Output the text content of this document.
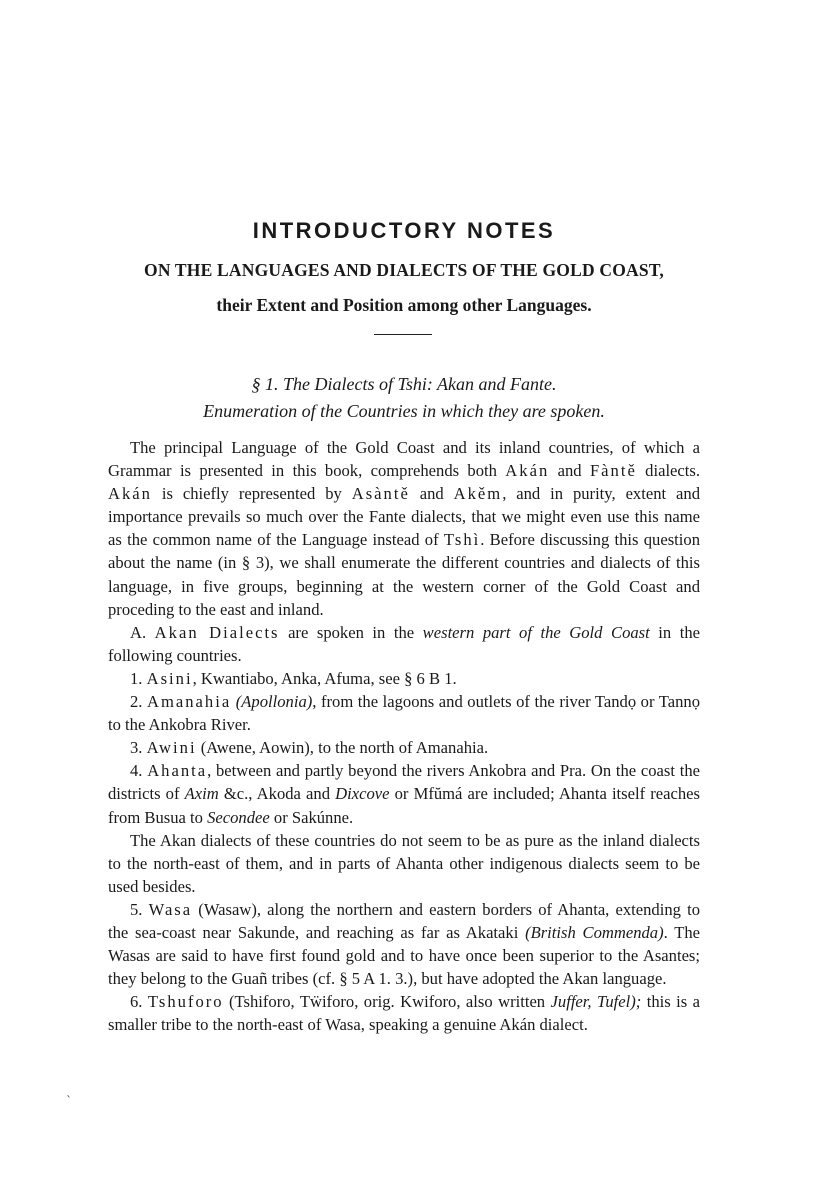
INTRODUCTORY NOTES
ON THE LANGUAGES AND DIALECTS OF THE GOLD COAST,
their Extent and Position among other Languages.
§ 1. The Dialects of Tshi: Akan and Fante.
Enumeration of the Countries in which they are spoken.

The principal Language of the Gold Coast and its inland countries, of which a Grammar is presented in this book, comprehends both Akán and Fàntě dialects. Akán is chiefly represented by Asàntě and Akěm, and in purity, extent and importance prevails so much over the Fante dialects, that we might even use this name as the common name of the Language instead of Tshì. Before discussing this question about the name (in § 3), we shall enumerate the different countries and dialects of this language, in five groups, beginning at the western corner of the Gold Coast and proceding to the east and inland.

A. Akan Dialects are spoken in the western part of the Gold Coast in the following countries.

1. Asini, Kwantiabo, Anka, Afuma, see § 6 B 1.

2. Amanahia (Apollonia), from the lagoons and outlets of the river Tandọ or Tannọ to the Ankobra River.

3. Awini (Awene, Aowin), to the north of Amanahia.

4. Ahanta, between and partly beyond the rivers Ankobra and Pra. On the coast the districts of Axim &c., Akoda and Dixcove or Mfŭmá are included; Ahanta itself reaches from Busua to Secondee or Sakúnne.

The Akan dialects of these countries do not seem to be as pure as the inland dialects to the north-east of them, and in parts of Ahanta other indigenous dialects seem to be used besides.

5. Wasa (Wasaw), along the northern and eastern borders of Ahanta, extending to the sea-coast near Sakunde, and reaching as far as Akataki (British Commenda). The Wasas are said to have first found gold and to have once been superior to the Asantes; they belong to the Guañ tribes (cf. § 5 A 1. 3.), but have adopted the Akan language.

6. Tshuforo (Tshiforo, Tẅiforo, orig. Kwiforo, also written Juffer, Tufel); this is a smaller tribe to the north-east of Wasa, speaking a genuine Akán dialect.

`
